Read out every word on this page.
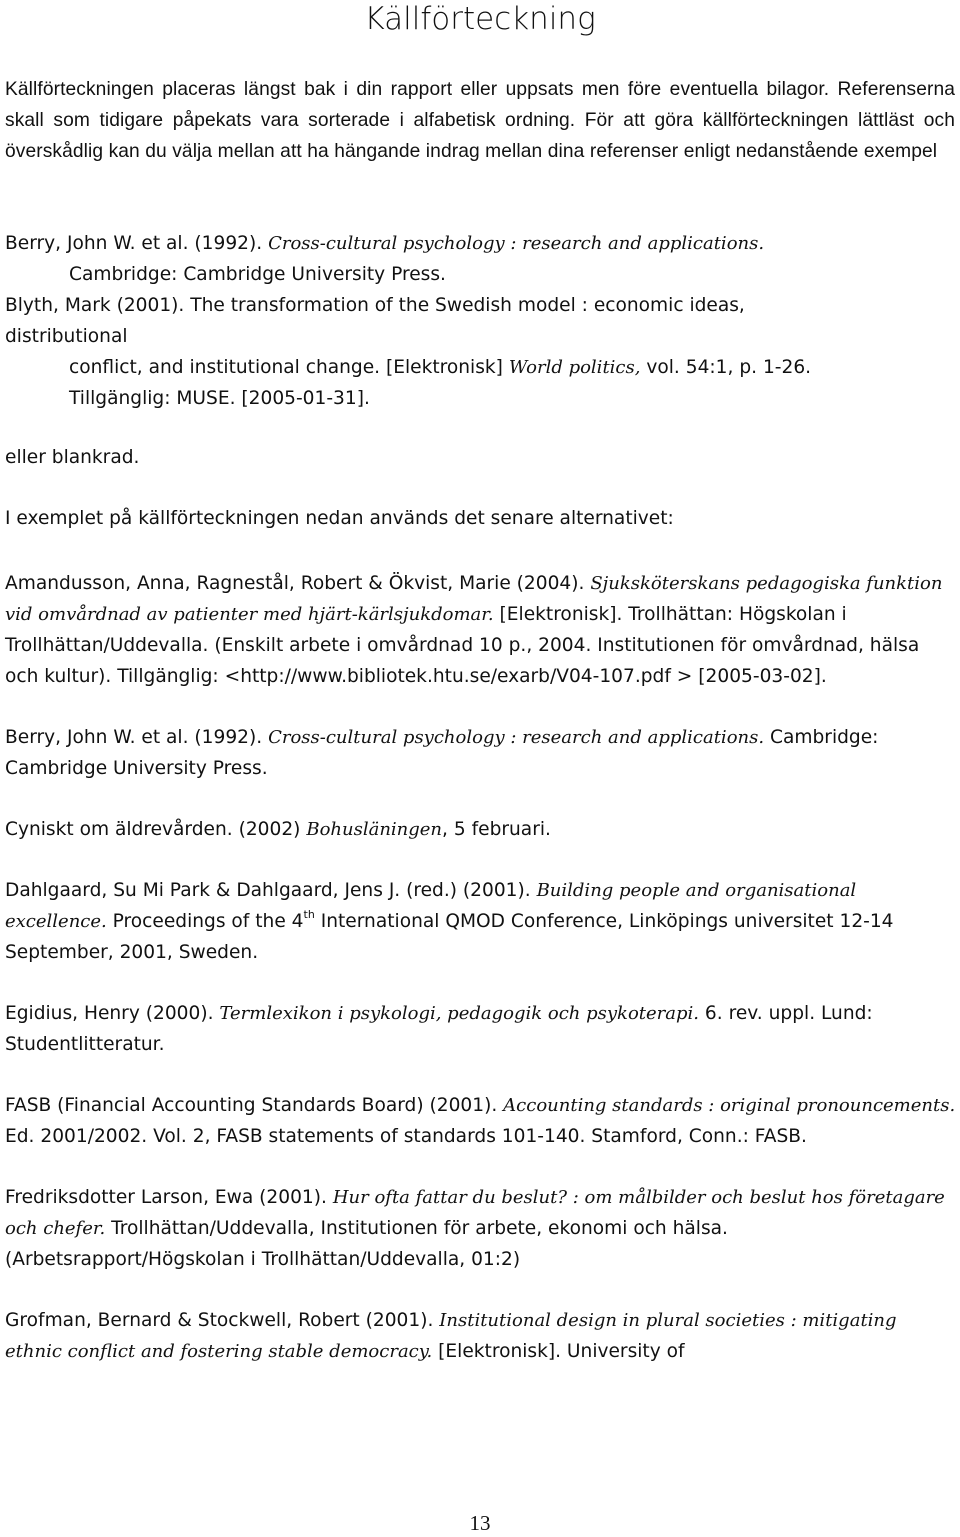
Källförteckning
Källförteckningen placeras längst bak i din rapport eller uppsats men före eventuella bilagor. Referenserna skall som tidigare påpekats vara sorterade i alfabetisk ordning. För att göra källförteckningen lättläst och överskådlig kan du välja mellan att ha hängande indrag mellan dina referenser enligt nedanstående exempel

Berry, John W. et al. (1992). Cross-cultural psychology : research and applications.

Cambridge: Cambridge University Press.

Blyth, Mark (2001). The transformation of the Swedish model : economic ideas,

distributional

conflict, and institutional change. [Elektronisk] World politics, vol. 54:1, p. 1-26.

Tillgänglig: MUSE. [2005-01-31].

eller blankrad.

I exemplet på källförteckningen nedan används det senare alternativet:

Amandusson, Anna, Ragnestål, Robert & Ökvist, Marie (2004). Sjuksköterskans pedagogiska funktion vid omvårdnad av patienter med hjärt-kärlsjukdomar. [Elektronisk]. Trollhättan: Högskolan i Trollhättan/Uddevalla. (Enskilt arbete i omvårdnad 10 p., 2004. Institutionen för omvårdnad, hälsa och kultur). Tillgänglig: <http://www.bibliotek.htu.se/exarb/V04-107.pdf > [2005-03-02].

Berry, John W. et al. (1992). Cross-cultural psychology : research and applications. Cambridge: Cambridge University Press.

Cyniskt om äldrevården. (2002) Bohusläningen, 5 februari.

Dahlgaard, Su Mi Park & Dahlgaard, Jens J. (red.) (2001). Building people and organisational excellence. Proceedings of the 4th International QMOD Conference, Linköpings universitet 12-14 September, 2001, Sweden.

Egidius, Henry (2000). Termlexikon i psykologi, pedagogik och psykoterapi. 6. rev. uppl. Lund: Studentlitteratur.

FASB (Financial Accounting Standards Board) (2001). Accounting standards : original pronouncements. Ed. 2001/2002. Vol. 2, FASB statements of standards 101-140. Stamford, Conn.: FASB.

Fredriksdotter Larson, Ewa (2001). Hur ofta fattar du beslut? : om målbilder och beslut hos företagare och chefer. Trollhättan/Uddevalla, Institutionen för arbete, ekonomi och hälsa. (Arbetsrapport/Högskolan i Trollhättan/Uddevalla, 01:2)

Grofman, Bernard & Stockwell, Robert (2001). Institutional design in plural societies : mitigating ethnic conflict and fostering stable democracy. [Elektronisk]. University of

13
